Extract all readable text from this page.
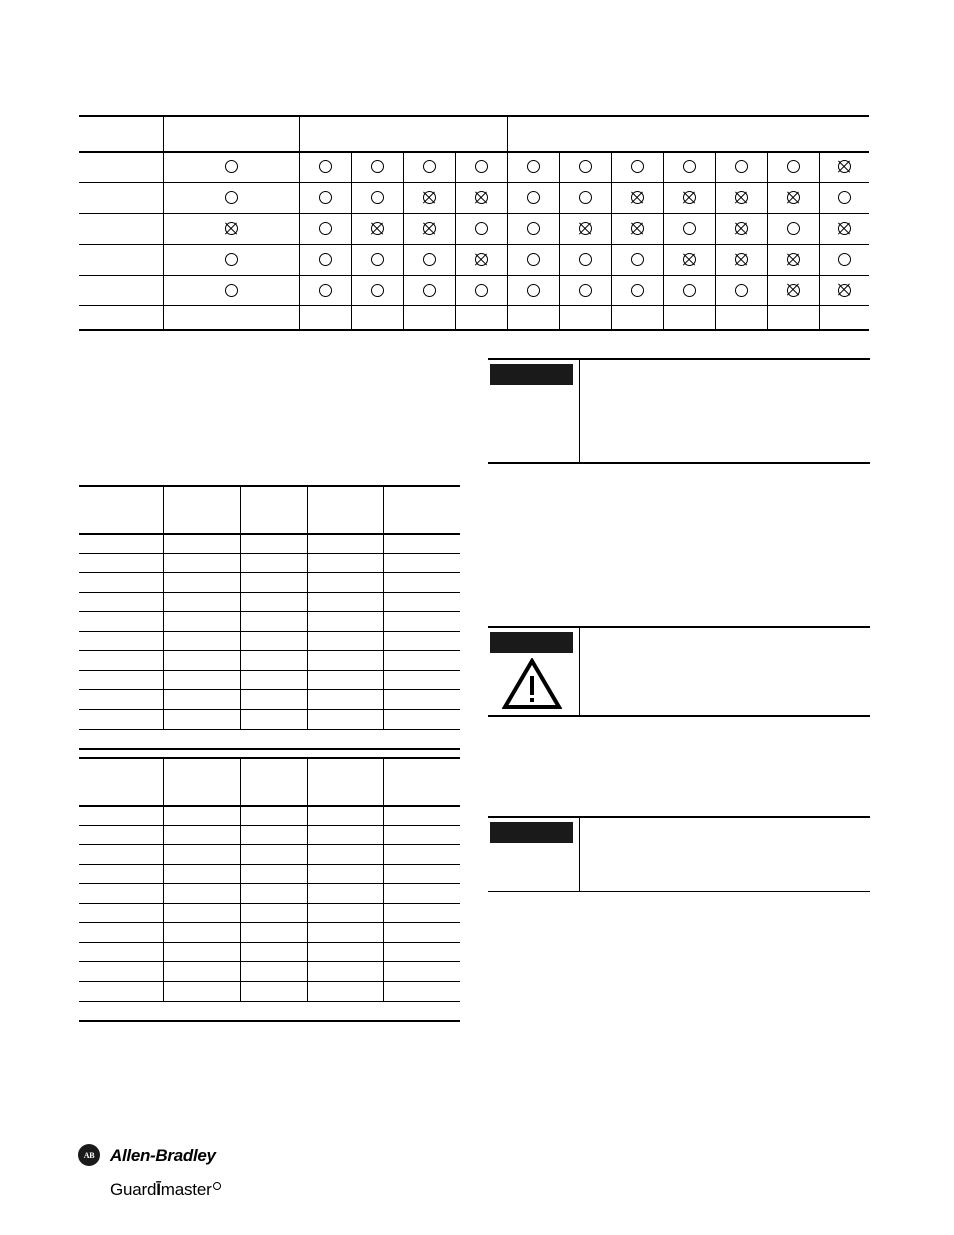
AB Allen-Bradley
GuardĪmaster
